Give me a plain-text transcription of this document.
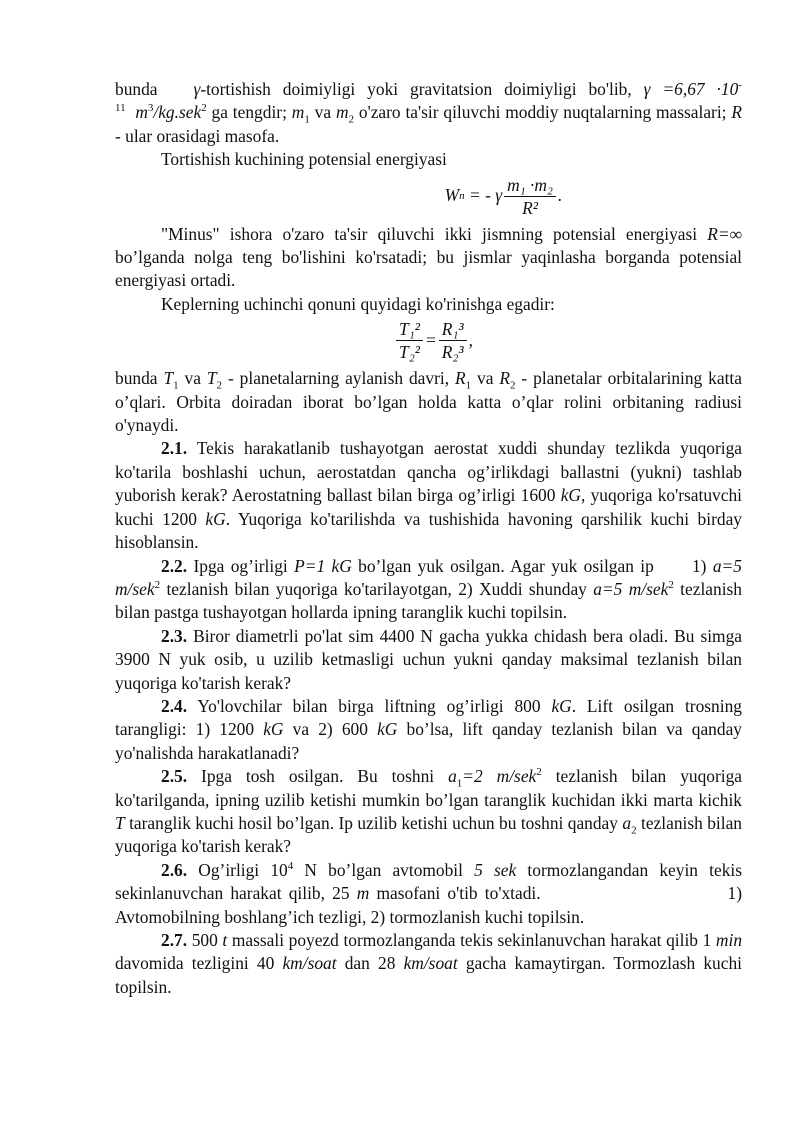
bunda γ-tortishish doimiyligi yoki gravitatsion doimiyligi bo'lib, $\gamma =6,67 \cdot 10^{-11}$ $m^3/kg.sek^2$ ga tengdir; $m_1$ va $m_2$ o'zaro ta'sir qiluvchi moddiy nuqtalarning massalari; R - ular orasidagi masofa.

Tortishish kuchining potensial energiyasi

W n = - γ $\frac{\text{m₁ ·m₂}}{\text{R²}}$ .

"Minus" ishora o'zaro ta'sir qiluvchi ikki jismning potensial energiyasi R=∞ bo’lganda nolga teng bo'lishini ko'rsatadi; bu jismlar yaqinlasha borganda potensial energiyasi ortadi.

Keplerning uchinchi qonuni quyidagi ko'rinishga egadir:

$\frac{\text{T₁²}}{\text{T₂²}} = \frac{\text{R₁³}}{\text{R₂³}}$ ,

bunda $T_1$ va $T_2$ - planetalarning aylanish davri, $R_1$ va $R_2$ - planetalar orbitalarining katta o’qlari. Orbita doiradan iborat bo’lgan holda katta o’qlar rolini orbitaning radiusi o'ynaydi.

2.1. Tekis harakatlanib tushayotgan aerostat xuddi shunday tezlikda yuqoriga ko'tarila boshlashi uchun, aerostatdan qancha og’irlikdagi ballastni (yukni) tashlab yuborish kerak? Aerostatning ballast bilan birga og’irligi 1600 kG, yuqoriga ko'rsatuvchi kuchi 1200 kG. Yuqoriga ko'tarilishda va tushishida havoning qarshilik kuchi birday hisoblansin.

2.2. Ipga og’irligi P=1 kG bo’lgan yuk osilgan. Agar yuk osilgan ip      1) a=5 m/sek$^2$ tezlanish bilan yuqoriga ko'tarilayotgan, 2) Xuddi shunday a=5 m/sek$^2$ tezlanish bilan pastga tushayotgan hollarda ipning taranglik kuchi topilsin.

2.3. Biror diametrli po'lat sim 4400 N gacha yukka chidash bera oladi. Bu simga 3900 N yuk osib, u uzilib ketmasligi uchun yukni qanday maksimal tezlanish bilan yuqoriga ko'tarish kerak?

2.4. Yo'lovchilar bilan birga liftning og’irligi 800 kG. Lift osilgan trosning tarangligi: 1) 1200 kG va 2) 600 kG bo’lsa, lift qanday tezlanish bilan va qanday yo'nalishda harakatlanadi?

2.5. Ipga tosh osilgan. Bu toshni $a_1=2$ m/sek$^2$ tezlanish bilan yuqoriga ko'tarilganda, ipning uzilib ketishi mumkin bo’lgan taranglik kuchidan ikki marta kichik T taranglik kuchi hosil bo’lgan. Ip uzilib ketishi uchun bu toshni qanday $a_2$ tezlanish bilan yuqoriga ko'tarish kerak?

2.6. Og’irligi $10^4$ N bo’lgan avtomobil 5 sek tormozlangandan keyin tekis sekinlanuvchan harakat qilib, 25 m masofani o'tib to'xtadi.                          1) Avtomobilning boshlang’ich tezligi, 2) tormozlanish kuchi topilsin.

2.7. 500 t massali poyezd tormozlanganda tekis sekinlanuvchan harakat qilib 1 min davomida tezligini 40 km/soat dan 28 km/soat gacha kamaytirgan. Tormozlash kuchi topilsin.
